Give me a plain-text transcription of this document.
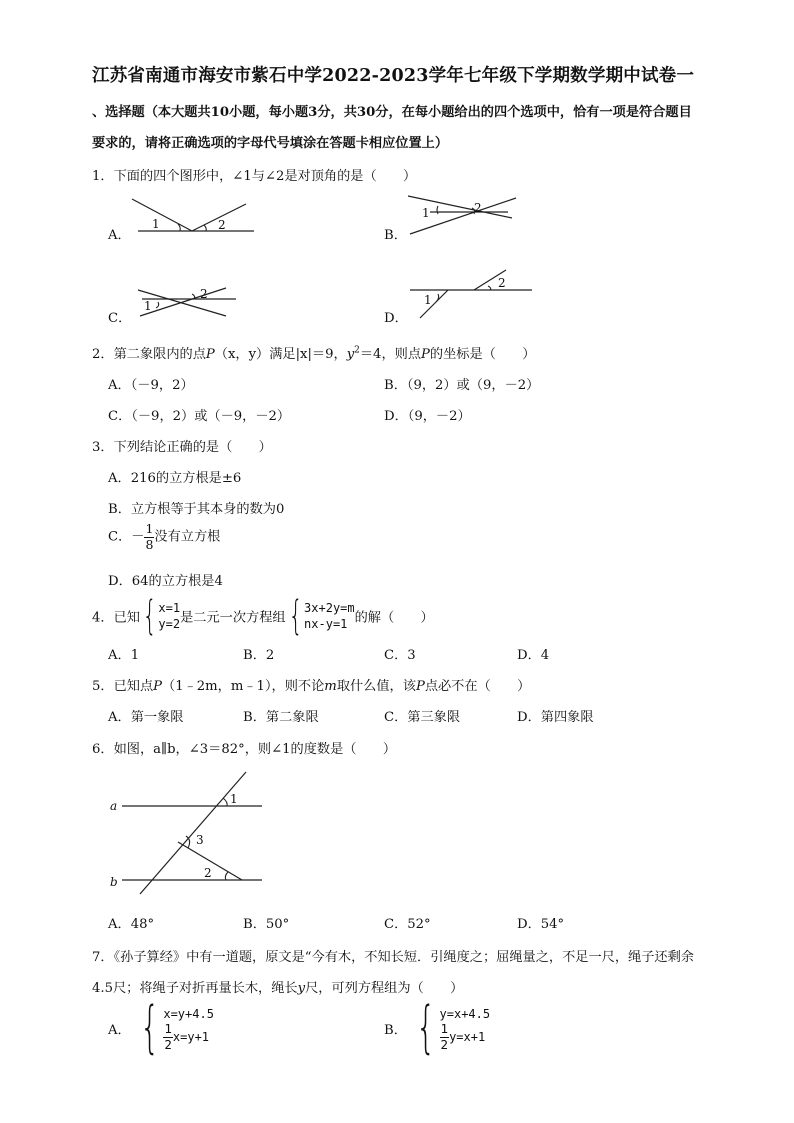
江苏省南通市海安市紫石中学2022-2023学年七年级下学期数学期中试卷一
、选择题（本大题共10小题，每小题3分，共30分，在每小题给出的四个选项中，恰有一项是符合题目
要求的，请将正确选项的字母代号填涂在答题卡相应位置上）
1．下面的四个图形中，∠1与∠2是对顶角的是（　　）
A．
1	2
B．
1	2
C．
1
2
D．
1
2
2．第二象限内的点P（x，y）满足|x|＝9，$y^2=4$，则点P的坐标是（　　）
A．（－9，2）	B．（9，2）或（9，－2）
C．（－9，2）或（－9，－2）	D．（9，－2）
3．下列结论正确的是（　　）
A．216的立方根是±6
B．立方根等于其本身的数为0
C．－ $\frac{1}{8}$ 没有立方根
D．64的立方根是4
4．已知 { x=1
y=2 是二元一次方程组 { 3x+2y=m
nx-y=1 的解（　　）
A．1	B．2	C．3	D．4
5．已知点P（1﹣2m，m﹣1），则不论m取什么值，该P点必不在（　　）
A．第一象限	B．第二象限	C．第三象限	D．第四象限
6．如图，a∥b，∠3＝82°，则∠1的度数是（　　）
a
b
1
3
2
A．48°	B．50°	C．52°	D．54°
7．《孙子算经》中有一道题，原文是“今有木，不知长短．引绳度之；屈绳量之，不足一尺，绳子还剩余
4.5尺；将绳子对折再量长木，绳长y尺，可列方程组为（　　）
A． { x=y+4.5
$\frac{1}{2} x=y+1$	B． { y=x+4.5
$\frac{1}{2} y=x+1$
